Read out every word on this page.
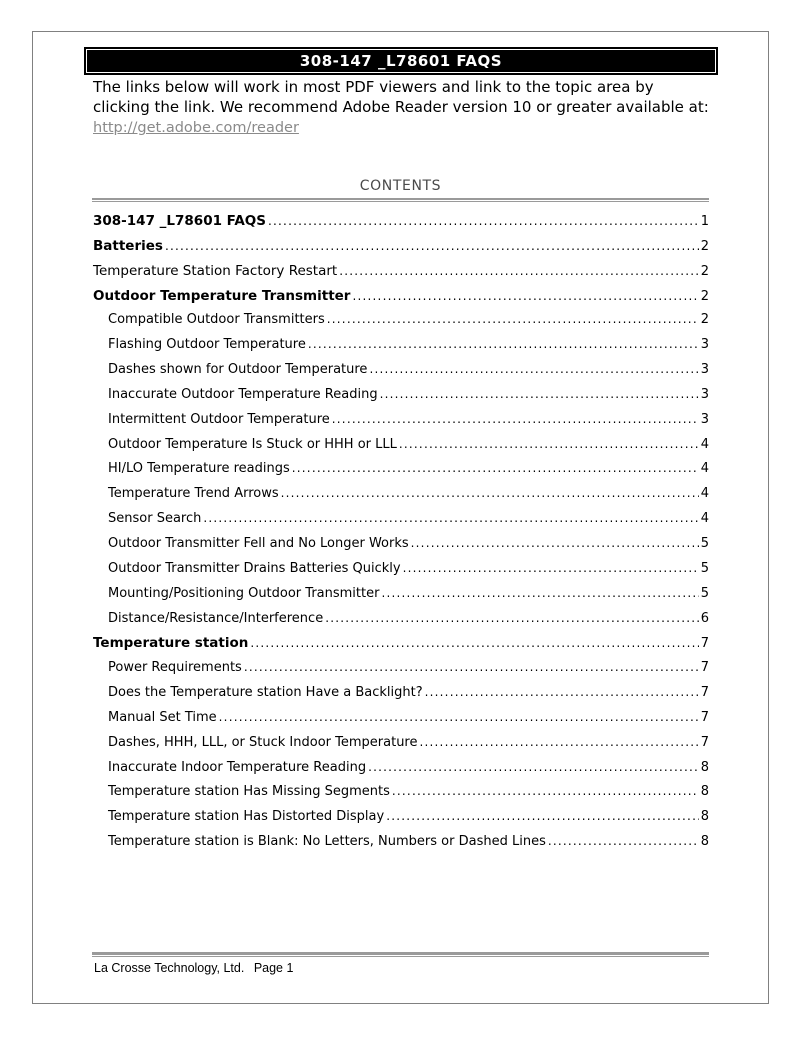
308-147 _L78601 FAQS
The links below will work in most PDF viewers and link to the topic area by clicking the link. We recommend Adobe Reader version 10 or greater available at:
http://get.adobe.com/reader
CONTENTS
308-147 _L78601 FAQS .....	1
Batteries .....	2
Temperature Station Factory Restart .....	2
Outdoor Temperature Transmitter .....	2
Compatible Outdoor Transmitters .....	2
Flashing Outdoor Temperature .....	3
Dashes shown for Outdoor Temperature .....	3
Inaccurate Outdoor Temperature Reading .....	3
Intermittent Outdoor Temperature .....	3
Outdoor Temperature Is Stuck or HHH or LLL .....	4
HI/LO Temperature readings .....	4
Temperature Trend Arrows .....	4
Sensor Search .....	4
Outdoor Transmitter Fell and No Longer Works .....	5
Outdoor Transmitter Drains Batteries Quickly .....	5
Mounting/Positioning Outdoor Transmitter .....	5
Distance/Resistance/Interference .....	6
Temperature station .....	7
Power Requirements .....	7
Does the Temperature station Have a Backlight? .....	7
Manual Set Time .....	7
Dashes, HHH, LLL, or Stuck Indoor Temperature .....	7
Inaccurate Indoor Temperature Reading .....	8
Temperature station Has Missing Segments .....	8
Temperature station Has Distorted Display .....	8
Temperature station is Blank: No Letters, Numbers or Dashed Lines .....	8
La Crosse Technology, Ltd. Page 1
